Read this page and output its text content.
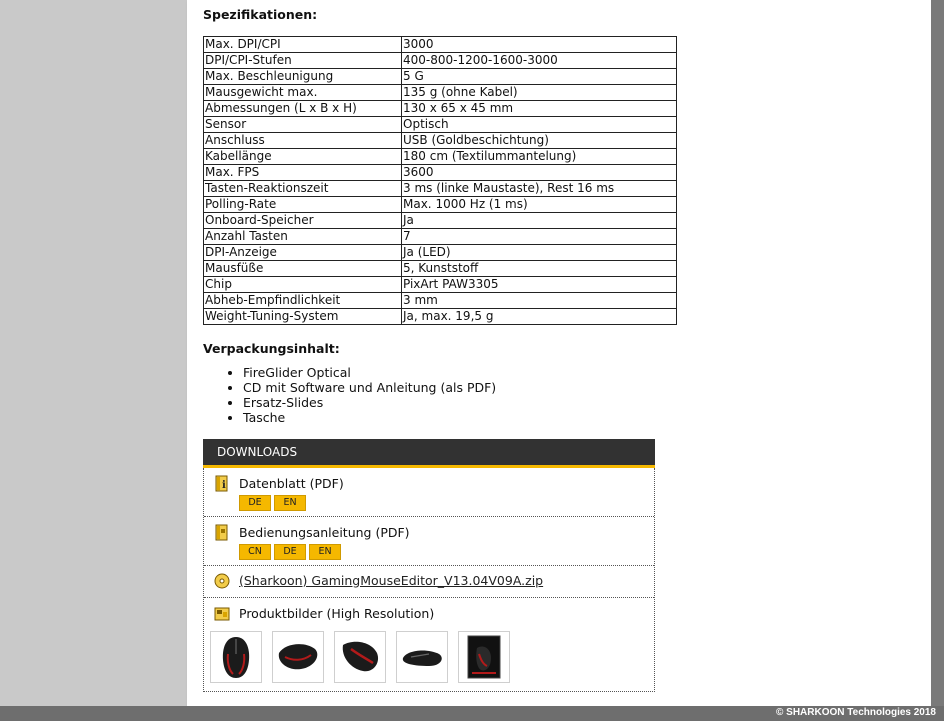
Spezifikationen:
Max. DPI/CPI	3000
DPI/CPI-Stufen	400-800-1200-1600-3000
Max. Beschleunigung	5 G
Mausgewicht max.	135 g (ohne Kabel)
Abmessungen (L x B x H)	130 x 65 x 45 mm
Sensor	Optisch
Anschluss	USB (Goldbeschichtung)
Kabellänge	180 cm (Textilummantelung)
Max. FPS	3600
Tasten-Reaktionszeit	3 ms (linke Maustaste), Rest 16 ms
Polling-Rate	Max. 1000 Hz (1 ms)
Onboard-Speicher	Ja
Anzahl Tasten	7
DPI-Anzeige	Ja (LED)
Mausfüße	5, Kunststoff
Chip	PixArt PAW3305
Abheb-Empfindlichkeit	3 mm
Weight-Tuning-System	Ja, max. 19,5 g
Verpackungsinhalt:
• FireGlider Optical
• CD mit Software und Anleitung (als PDF)
• Ersatz-Slides
• Tasche
DOWNLOADS
i Datenblatt (PDF)
DE	EN
Bedienungsanleitung (PDF)
CN	DE	EN
(Sharkoon) GamingMouseEditor_V13.04V09A.zip
Produktbilder (High Resolution)
© SHARKOON Technologies 2018
